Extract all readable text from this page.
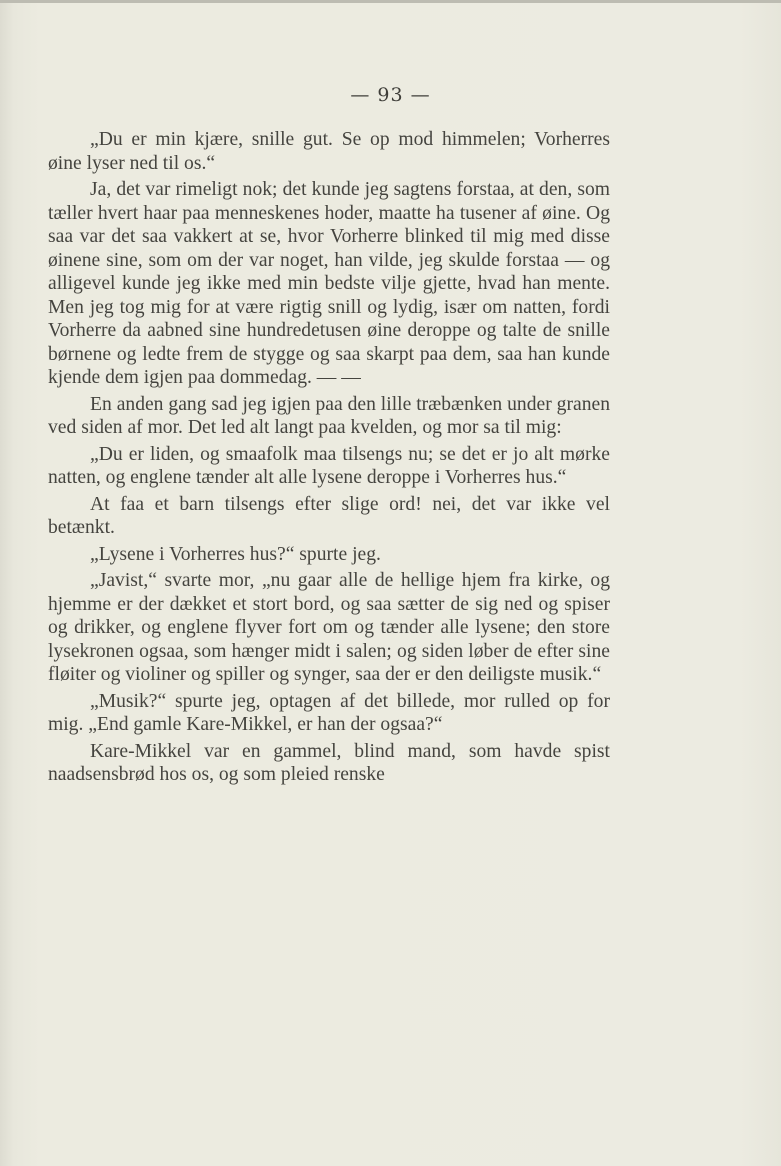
— 93 —

„Du er min kjære, snille gut. Se op mod himmelen; Vorherres øine lyser ned til os.“

Ja, det var rimeligt nok; det kunde jeg sagtens forstaa, at den, som tæller hvert haar paa menneskenes hoder, maatte ha tusener af øine. Og saa var det saa vakkert at se, hvor Vorherre blinked til mig med disse øinene sine, som om der var noget, han vilde, jeg skulde forstaa — og alligevel kunde jeg ikke med min bedste vilje gjette, hvad han mente. Men jeg tog mig for at være rigtig snill og lydig, især om natten, fordi Vorherre da aabned sine hundredetusen øine deroppe og talte de snille børnene og ledte frem de stygge og saa skarpt paa dem, saa han kunde kjende dem igjen paa dommedag. — —

En anden gang sad jeg igjen paa den lille træbænken under granen ved siden af mor. Det led alt langt paa kvelden, og mor sa til mig:

„Du er liden, og smaafolk maa tilsengs nu; se det er jo alt mørke natten, og englene tænder alt alle lysene deroppe i Vorherres hus.“

At faa et barn tilsengs efter slige ord! nei, det var ikke vel betænkt.

„Lysene i Vorherres hus?“ spurte jeg.

„Javist,“ svarte mor, „nu gaar alle de hellige hjem fra kirke, og hjemme er der dækket et stort bord, og saa sætter de sig ned og spiser og drikker, og englene flyver fort om og tænder alle lysene; den store lysekronen ogsaa, som hænger midt i salen; og siden løber de efter sine fløiter og violiner og spiller og synger, saa der er den deiligste musik.“

„Musik?“ spurte jeg, optagen af det billede, mor rulled op for mig. „End gamle Kare-Mikkel, er han der ogsaa?“

Kare-Mikkel var en gammel, blind mand, som havde spist naadsensbrød hos os, og som pleied renske
